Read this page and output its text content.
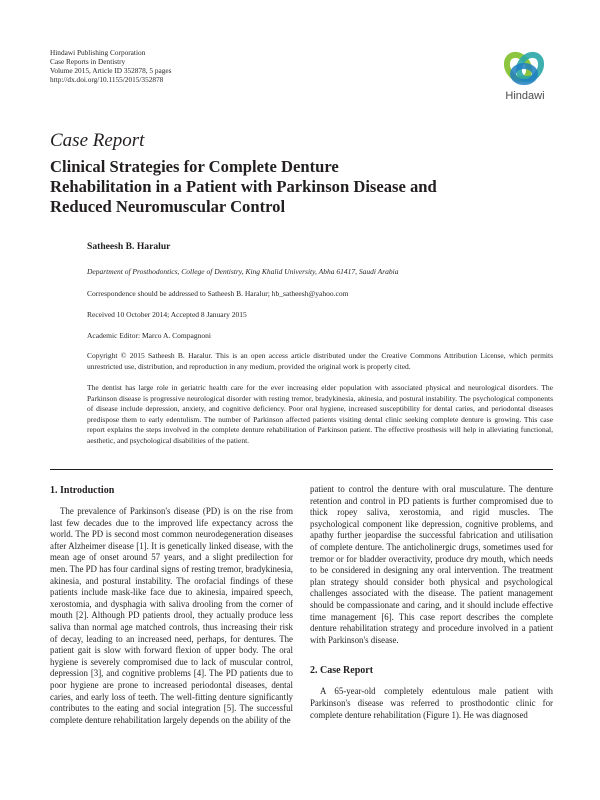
Hindawi Publishing Corporation
Case Reports in Dentistry
Volume 2015, Article ID 352878, 5 pages
http://dx.doi.org/10.1155/2015/352878
Hindawi
Case Report
Clinical Strategies for Complete Denture
Rehabilitation in a Patient with Parkinson Disease and
Reduced Neuromuscular Control
Satheesh B. Haralur
Department of Prosthodontics, College of Dentistry, King Khalid University, Abha 61417, Saudi Arabia
Correspondence should be addressed to Satheesh B. Haralur; hb_satheesh@yahoo.com
Received 10 October 2014; Accepted 8 January 2015
Academic Editor: Marco A. Compagnoni
Copyright © 2015 Satheesh B. Haralur. This is an open access article distributed under the Creative Commons Attribution License, which permits unrestricted use, distribution, and reproduction in any medium, provided the original work is properly cited.
The dentist has large role in geriatric health care for the ever increasing elder population with associated physical and neurological disorders. The Parkinson disease is progressive neurological disorder with resting tremor, bradykinesia, akinesia, and postural instability. The psychological components of disease include depression, anxiety, and cognitive deficiency. Poor oral hygiene, increased susceptibility for dental caries, and periodontal diseases predispose them to early edentulism. The number of Parkinson affected patients visiting dental clinic seeking complete denture is growing. This case report explains the steps involved in the complete denture rehabilitation of Parkinson patient. The effective prosthesis will help in alleviating functional, aesthetic, and psychological disabilities of the patient.
1. Introduction
The prevalence of Parkinson's disease (PD) is on the rise from last few decades due to the improved life expectancy across the world. The PD is second most common neurodegeneration diseases after Alzheimer disease [1]. It is genetically linked disease, with the mean age of onset around 57 years, and a slight predilection for men. The PD has four cardinal signs of resting tremor, bradykinesia, akinesia, and postural instability. The orofacial findings of these patients include mask-like face due to akinesia, impaired speech, xerostomia, and dysphagia with saliva drooling from the corner of mouth [2]. Although PD patients drool, they actually produce less saliva than normal age matched controls, thus increasing their risk of decay, leading to an increased need, perhaps, for dentures. The patient gait is slow with forward flexion of upper body. The oral hygiene is severely compromised due to lack of muscular control, depression [3], and cognitive problems [4]. The PD patients due to poor hygiene are prone to increased periodontal diseases, dental caries, and early loss of teeth. The well-fitting denture significantly contributes to the eating and social integration [5]. The successful complete denture rehabilitation largely depends on the ability of the
patient to control the denture with oral musculature. The denture retention and control in PD patients is further compromised due to thick ropey saliva, xerostomia, and rigid muscles. The psychological component like depression, cognitive problems, and apathy further jeopardise the successful fabrication and utilisation of complete denture. The anticholinergic drugs, sometimes used for tremor or for bladder overactivity, produce dry mouth, which needs to be considered in designing any oral intervention. The treatment plan strategy should consider both physical and psychological challenges associated with the disease. The patient management should be compassionate and caring, and it should include effective time management [6]. This case report describes the complete denture rehabilitation strategy and procedure involved in a patient with Parkinson's disease.
2. Case Report
A 65-year-old completely edentulous male patient with Parkinson's disease was referred to prosthodontic clinic for complete denture rehabilitation (Figure 1). He was diagnosed
